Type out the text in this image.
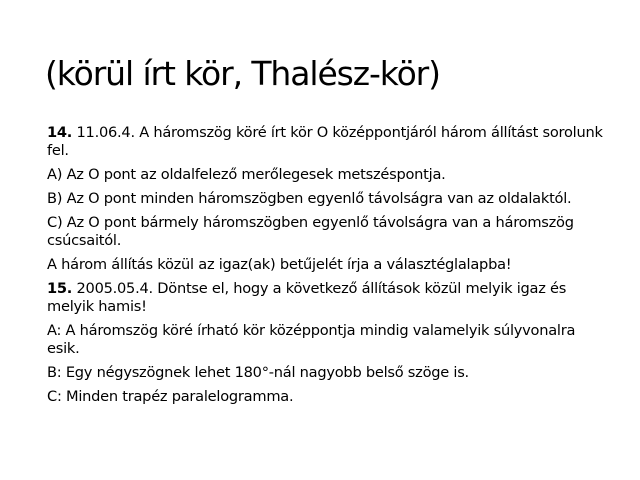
(körül írt kör, Thalész-kör)

14. 11.06.4. A háromszög köré írt kör O középpontjáról három állítást sorolunk fel.

A) Az O pont az oldalfelező merőlegesek metszéspontja.

B) Az O pont minden háromszögben egyenlő távolságra van az oldalaktól.

C) Az O pont bármely háromszögben egyenlő távolságra van a háromszög csúcsaitól.

A három állítás közül az igaz(ak) betűjelét írja a választéglalapba!

15. 2005.05.4. Döntse el, hogy a következő állítások közül melyik igaz és melyik hamis!

A: A háromszög köré írható kör középpontja mindig valamelyik súlyvonalra esik.

B: Egy négyszögnek lehet 180°-nál nagyobb belső szöge is.

C: Minden trapéz paralelogramma.
